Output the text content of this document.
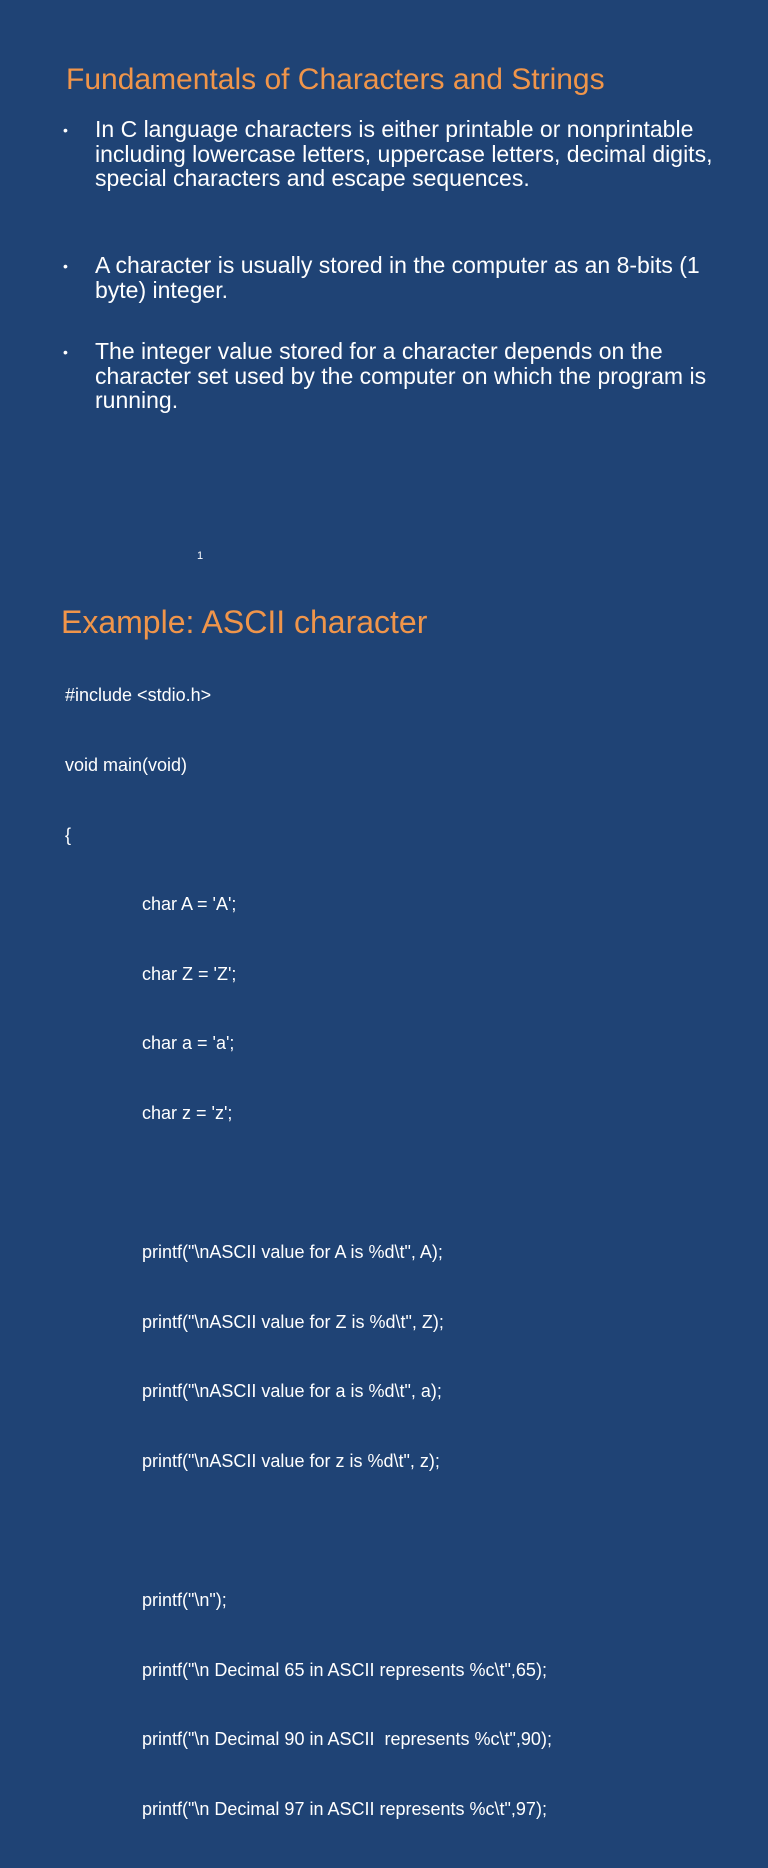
Fundamentals of Characters and Strings
• In C language characters is either printable or nonprintable including lowercase letters, uppercase letters, decimal digits, special characters and escape sequences.
• A character is usually stored in the computer as an 8-bits (1 byte) integer.
• The integer value stored for a character depends on the character set used by the computer on which the program is running.
1
Example: ASCII character

#include <stdio.h>

void main(void)

{

char A = 'A';

char Z = 'Z';

char a = 'a';

char z = 'z';

printf("\nASCII value for A is %d\t", A);

printf("\nASCII value for Z is %d\t", Z);

printf("\nASCII value for a is %d\t", a);

printf("\nASCII value for z is %d\t", z);

printf("\n");

printf("\n Decimal 65 in ASCII represents %c\t",65);

printf("\n Decimal 90 in ASCII  represents %c\t",90);

printf("\n Decimal 97 in ASCII represents %c\t",97);
